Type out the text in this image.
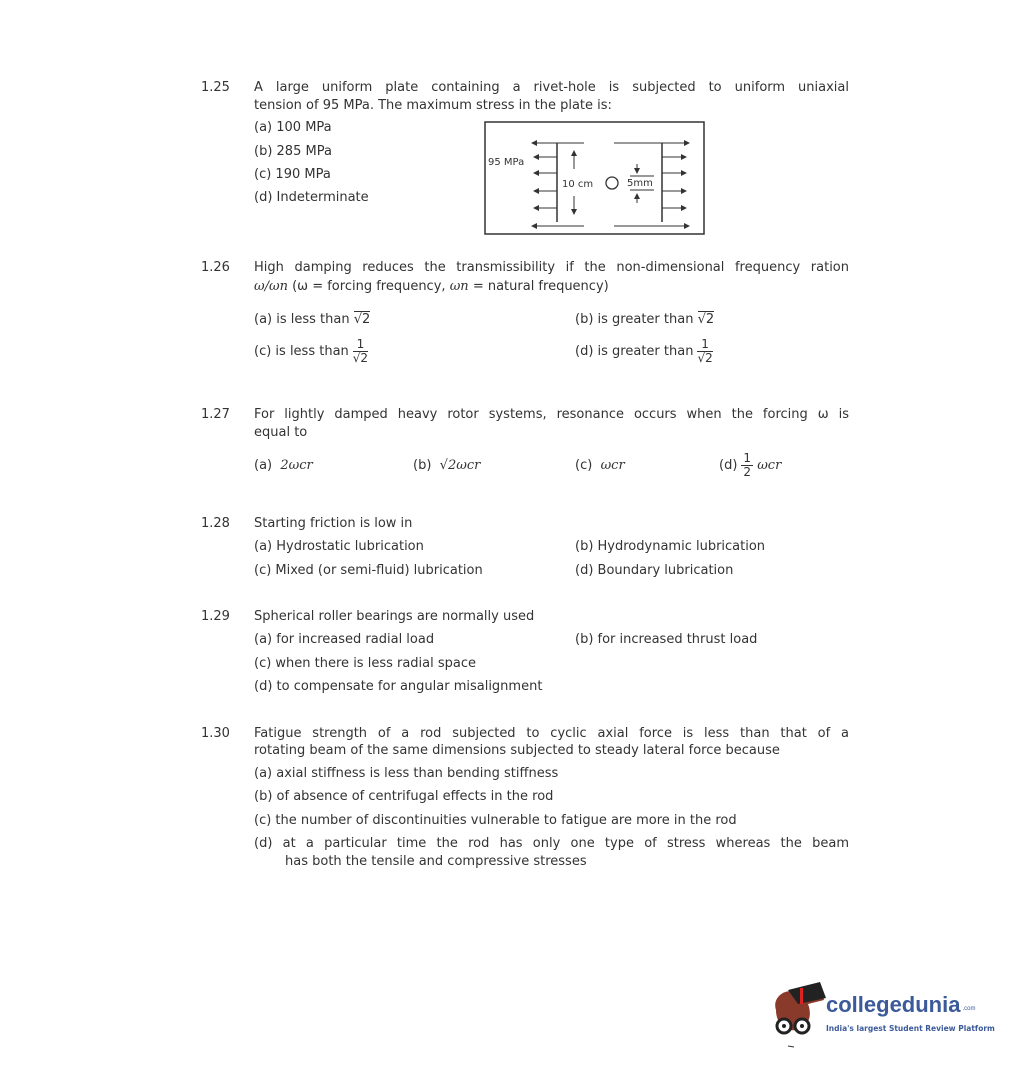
1.25 A large uniform plate containing a rivet-hole is subjected to uniform uniaxial
tension of 95 MPa. The maximum stress in the plate is:
(a) 100 MPa
(b) 285 MPa
(c) 190 MPa
(d) Indeterminate
95 MPa
10 cm	5mm
1.26 High damping reduces the transmissibility if the non-dimensional frequency ration
ω/ωn (ω = forcing frequency, ωn = natural frequency)
(a) is less than √2	(b) is greater than √2
(c) is less than $\frac{1}{√2}$	(d) is greater than $\frac{1}{√2}$
1.27 For lightly damped heavy rotor systems, resonance occurs when the forcing ω is
equal to
(a) 2ωcr	(b) √2ωcr	(c) ωcr	$(d) \frac{1}{2}$ ωcr
1.28 Starting friction is low in
(a) Hydrostatic lubrication	(b) Hydrodynamic lubrication
(c) Mixed (or semi-fluid) lubrication	(d) Boundary lubrication
1.29 Spherical roller bearings are normally used
(a) for increased radial load	(b) for increased thrust load
(c) when there is less radial space
(d) to compensate for angular misalignment
1.30 Fatigue strength of a rod subjected to cyclic axial force is less than that of a
rotating beam of the same dimensions subjected to steady lateral force because
(a) axial stiffness is less than bending stiffness
(b) of absence of centrifugal effects in the rod
(c) the number of discontinuities vulnerable to fatigue are more in the rod
(d) at a particular time the rod has only one type of stress whereas the beam
has both the tensile and compressive stresses
collegedunia .com
India's largest Student Review Platform
